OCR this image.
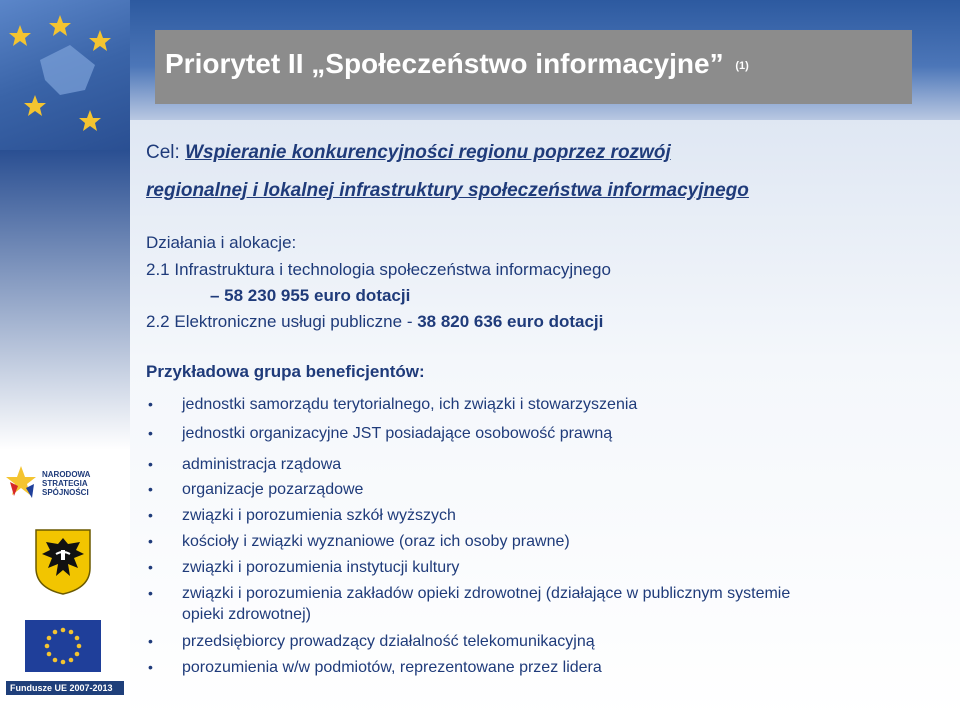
Priorytet II „Społeczeństwo informacyjne” (1)
Cel: Wspieranie konkurencyjności regionu poprzez rozwój
regionalnej i lokalnej infrastruktury społeczeństwa informacyjnego
Działania i alokacje:
2.1 Infrastruktura i technologia społeczeństwa informacyjnego
– 58 230 955 euro dotacji
2.2 Elektroniczne usługi publiczne - 38 820 636 euro dotacji
Przykładowa grupa beneficjentów:
• jednostki samorządu terytorialnego, ich związki i stowarzyszenia
• jednostki organizacyjne JST posiadające osobowość prawną
• administracja rządowa
• organizacje pozarządowe
• związki i porozumienia szkół wyższych
• kościoły i związki wyznaniowe (oraz ich osoby prawne)
• związki i porozumienia instytucji kultury
• związki i porozumienia zakładów opieki zdrowotnej (działające w publicznym systemie
opieki zdrowotnej)
• przedsiębiorcy prowadzący działalność telekomunikacyjną
• porozumienia w/w podmiotów, reprezentowane przez lidera
NARODOWA
STRATEGIA SPÓJNOŚCI
Fundusze UE 2007-2013
